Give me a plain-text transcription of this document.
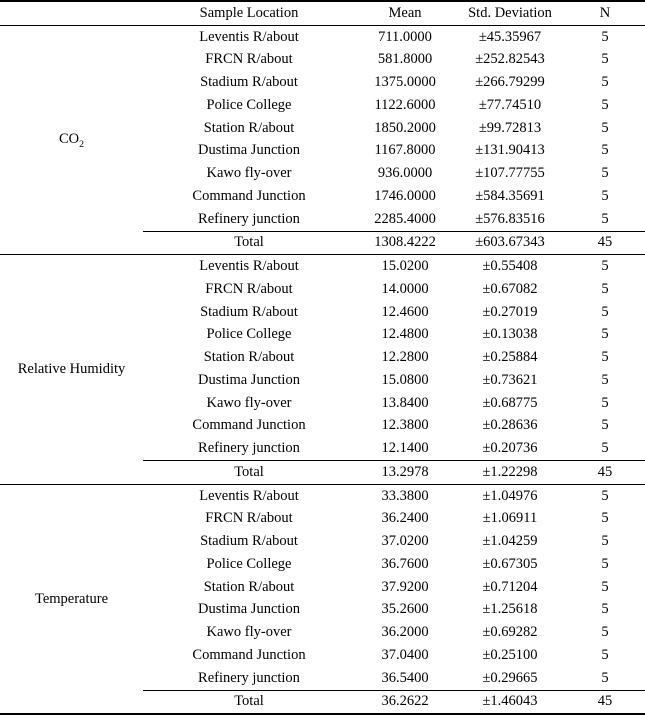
	Sample Location	Mean	Std. Deviation	N
$CO_2$	Leventis R/about	711.0000	±45.35967	5
	FRCN R/about	581.8000	±252.82543	5
	Stadium R/about	1375.0000	±266.79299	5
	Police College	1122.6000	±77.74510	5
	Station R/about	1850.2000	±99.72813	5
	Dustima Junction	1167.8000	±131.90413	5
	Kawo fly-over	936.0000	±107.77755	5
	Command Junction	1746.0000	±584.35691	5
	Refinery junction	2285.4000	±576.83516	5
	Total	1308.4222	±603.67343	45
Relative Humidity	Leventis R/about	15.0200	±0.55408	5
	FRCN R/about	14.0000	±0.67082	5
	Stadium R/about	12.4600	±0.27019	5
	Police College	12.4800	±0.13038	5
	Station R/about	12.2800	±0.25884	5
	Dustima Junction	15.0800	±0.73621	5
	Kawo fly-over	13.8400	±0.68775	5
	Command Junction	12.3800	±0.28636	5
	Refinery junction	12.1400	±0.20736	5
	Total	13.2978	±1.22298	45
Temperature	Leventis R/about	33.3800	±1.04976	5
	FRCN R/about	36.2400	±1.06911	5
	Stadium R/about	37.0200	±1.04259	5
	Police College	36.7600	±0.67305	5
	Station R/about	37.9200	±0.71204	5
	Dustima Junction	35.2600	±1.25618	5
	Kawo fly-over	36.2000	±0.69282	5
	Command Junction	37.0400	±0.25100	5
	Refinery junction	36.5400	±0.29665	5
	Total	36.2622	±1.46043	45
